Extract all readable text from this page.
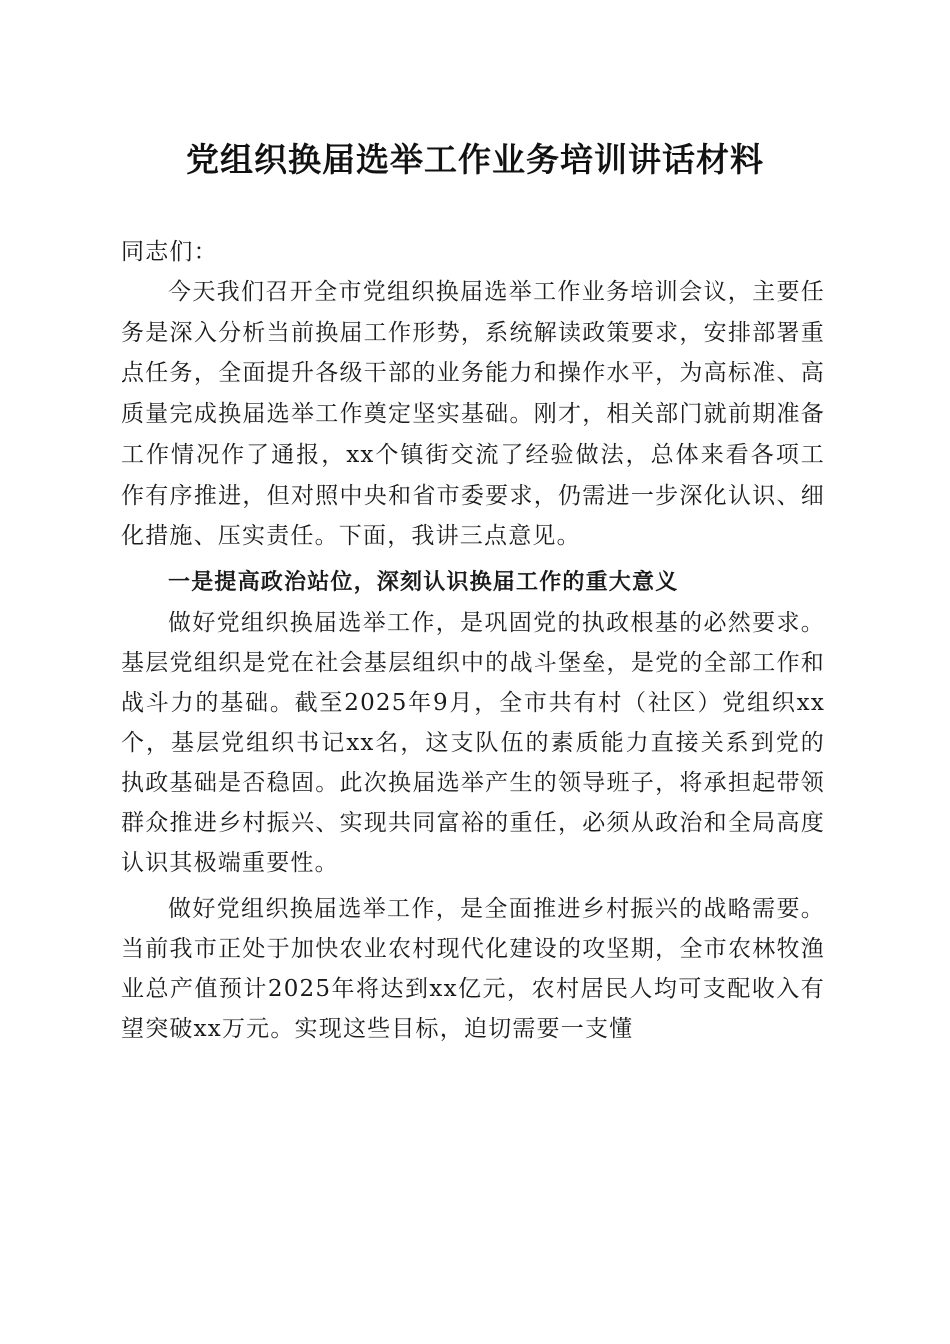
党组织换届选举工作业务培训讲话材料

同志们：

今天我们召开全市党组织换届选举工作业务培训会议，主要任务是深入分析当前换届工作形势，系统解读政策要求，安排部署重点任务，全面提升各级干部的业务能力和操作水平，为高标准、高质量完成换届选举工作奠定坚实基础。刚才，相关部门就前期准备工作情况作了通报，xx个镇街交流了经验做法，总体来看各项工作有序推进，但对照中央和省市委要求，仍需进一步深化认识、细化措施、压实责任。下面，我讲三点意见。

一是提高政治站位，深刻认识换届工作的重大意义

做好党组织换届选举工作，是巩固党的执政根基的必然要求。基层党组织是党在社会基层组织中的战斗堡垒，是党的全部工作和战斗力的基础。截至2025年9月，全市共有村（社区）党组织xx个，基层党组织书记xx名，这支队伍的素质能力直接关系到党的执政基础是否稳固。此次换届选举产生的领导班子，将承担起带领群众推进乡村振兴、实现共同富裕的重任，必须从政治和全局高度认识其极端重要性。

做好党组织换届选举工作，是全面推进乡村振兴的战略需要。当前我市正处于加快农业农村现代化建设的攻坚期，全市农林牧渔业总产值预计2025年将达到xx亿元，农村居民人均可支配收入有望突破xx万元。实现这些目标，迫切需要一支懂
